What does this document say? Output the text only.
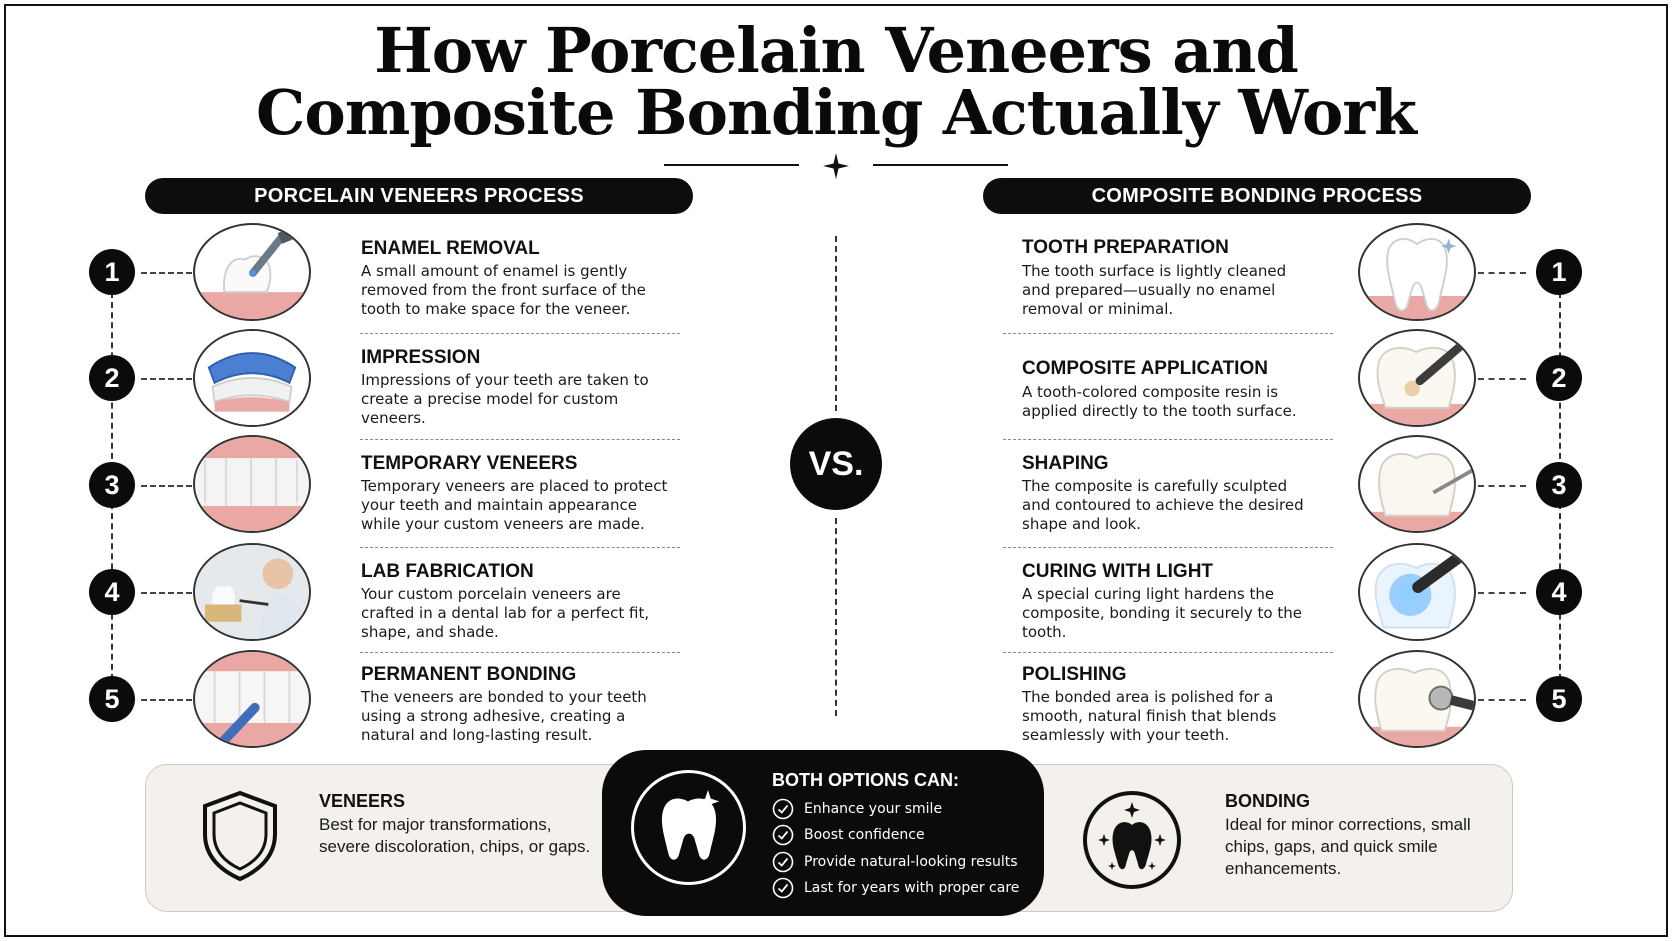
How Porcelain Veneers and
Composite Bonding Actually Work
PORCELAIN VENEERS PROCESS	COMPOSITE BONDING PROCESS
1
ENAMEL REMOVAL
A small amount of enamel is gently removed from the front surface of the tooth to make space for the veneer.
2
IMPRESSION
Impressions of your teeth are taken to create a precise model for custom veneers.
3
TEMPORARY VENEERS
Temporary veneers are placed to protect your teeth and maintain appearance while your custom veneers are made.
4
LAB FABRICATION
Your custom porcelain veneers are crafted in a dental lab for a perfect fit, shape, and shade.
5
PERMANENT BONDING
The veneers are bonded to your teeth using a strong adhesive, creating a natural and long-lasting result.
VS.
TOOTH PREPARATION
The tooth surface is lightly cleaned and prepared—usually no enamel removal or minimal.
1
COMPOSITE APPLICATION
A tooth-colored composite resin is applied directly to the tooth surface.
2
SHAPING
The composite is carefully sculpted and contoured to achieve the desired shape and look.
3
CURING WITH LIGHT
A special curing light hardens the composite, bonding it securely to the tooth.
4
POLISHING
The bonded area is polished for a smooth, natural finish that blends seamlessly with your teeth.
5
VENEERS
Best for major transformations, severe discoloration, chips, or gaps.
BOTH OPTIONS CAN:
Enhance your smile
Boost confidence
Provide natural-looking results
Last for years with proper care
BONDING
Ideal for minor corrections, small chips, gaps, and quick smile enhancements.
